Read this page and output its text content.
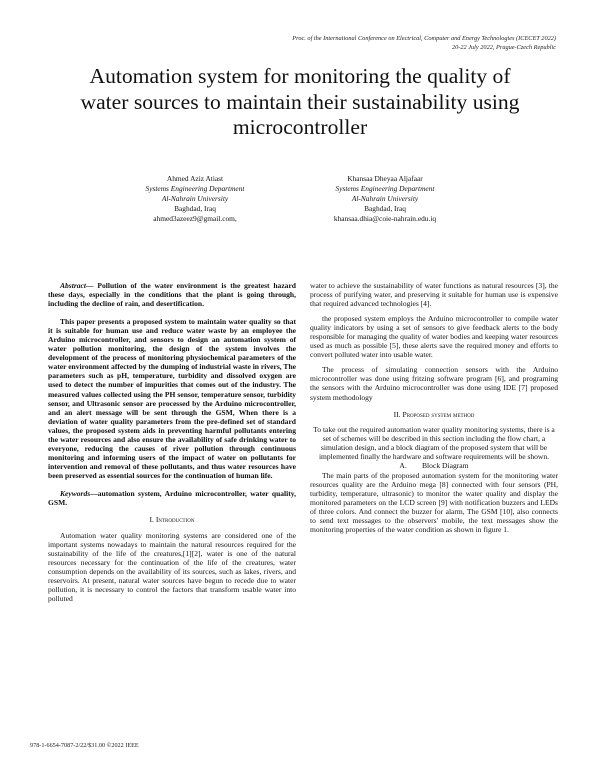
Proc. of the International Conference on Electrical, Computer and Energy Technologies (ICECET 2022)
20-22 July 2022, Prague-Czech Republic
Automation system for monitoring the quality of
water sources to maintain their sustainability using
microcontroller
Ahmed Aziz Atiast
Systems Engineering Department
Al-Nahrain University
Baghdad, Iraq
ahmed3azeez9@gmail.com,
Khansaa Dheyaa Aljafaar
Systems Engineering Department
Al-Nahrain University
Baghdad, Iraq
khansaa.dhia@coie-nahrain.edu.iq

Abstract— Pollution of the water environment is the greatest hazard these days, especially in the conditions that the plant is going through, including the decline of rain, and desertification.

This paper presents a proposed system to maintain water quality so that it is suitable for human use and reduce water waste by an employee the Arduino microcontroller, and sensors to design an automation system of water pollution monitoring, the design of the system involves the development of the process of monitoring physiochemical parameters of the water environment affected by the dumping of industrial waste in rivers, The parameters such as pH, temperature, turbidity and dissolved oxygen are used to detect the number of impurities that comes out of the industry. The measured values collected using the PH sensor, temperature sensor, turbidity sensor, and Ultrasonic sensor are processed by the Arduino microcontroller, and an alert message will be sent through the GSM, When there is a deviation of water quality parameters from the pre-defined set of standard values, the proposed system aids in preventing harmful pollutants entering the water resources and also ensure the availability of safe drinking water to everyone, reducing the causes of river pollution through continuous monitoring and informing users of the impact of water on pollutants for intervention and removal of these pollutants, and thus water resources have been preserved as essential sources for the continuation of human life.

Keywords—automation system, Arduino microcontroller, water quality, GSM.

I. Introduction

Automation water quality monitoring systems are considered one of the important systems nowadays to maintain the natural resources required for the sustainability of the life of the creatures,[1][2], water is one of the natural resources necessary for the continuation of the life of the creatures, water consumption depends on the availability of its sources, such as lakes, rivers, and reservoirs. At present, natural water sources have begun to recede due to water pollution, it is necessary to control the factors that transform usable water into polluted

water to achieve the sustainability of water functions as natural resources [3], the process of purifying water, and preserving it suitable for human use is expensive that required advanced technologies [4].

the proposed system employs the Arduino microcontroller to compile water quality indicators by using a set of sensors to give feedback alerts to the body responsible for managing the quality of water bodies and keeping water resources used as much as possible [5], these alerts save the required money and efforts to convert polluted water into usable water.

The process of simulating connection sensors with the Arduino microcontroller was done using fritzing software program [6], and programing the sensors with the Arduino microcontroller was done using IDE [7] proposed system methodology

II. Proposed system method

To take out the required automation water quality monitoring systems, there is a set of schemes will be described in this section including the flow chart, a simulation design, and a block diagram of the proposed system that will be implemented finally the hardware and software requirements will be shown.

A. Block Diagram

The main parts of the proposed automation system for the monitoring water resources quality are the Arduino mega [8] connected with four sensors (PH, turbidity, temperature, ultrasonic) to monitor the water quality and display the monitored parameters on the LCD screen [9] with notification buzzers and LEDs of three colors. And connect the buzzer for alarm, The GSM [10], also connects to send text messages to the observers' mobile, the text messages show the monitoring properties of the water condition as shown in figure 1.

978-1-6654-7087-2/22/$31.00 ©2022 IEEE
